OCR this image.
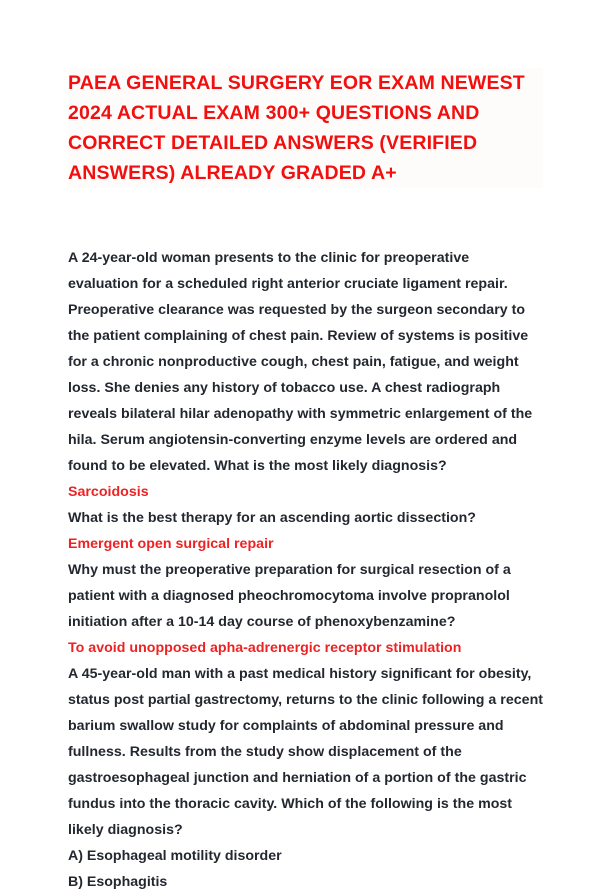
PAEA GENERAL SURGERY EOR EXAM NEWEST 2024 ACTUAL EXAM 300+ QUESTIONS AND CORRECT DETAILED ANSWERS (VERIFIED ANSWERS) ALREADY GRADED A+

A 24-year-old woman presents to the clinic for preoperative evaluation for a scheduled right anterior cruciate ligament repair. Preoperative clearance was requested by the surgeon secondary to the patient complaining of chest pain. Review of systems is positive for a chronic nonproductive cough, chest pain, fatigue, and weight loss. She denies any history of tobacco use. A chest radiograph reveals bilateral hilar adenopathy with symmetric enlargement of the hila. Serum angiotensin-converting enzyme levels are ordered and found to be elevated. What is the most likely diagnosis?

Sarcoidosis

What is the best therapy for an ascending aortic dissection?

Emergent open surgical repair

Why must the preoperative preparation for surgical resection of a patient with a diagnosed pheochromocytoma involve propranolol initiation after a 10-14 day course of phenoxybenzamine?

To avoid unopposed apha-adrenergic receptor stimulation

A 45-year-old man with a past medical history significant for obesity, status post partial gastrectomy, returns to the clinic following a recent barium swallow study for complaints of abdominal pressure and fullness. Results from the study show displacement of the gastroesophageal junction and herniation of a portion of the gastric fundus into the thoracic cavity. Which of the following is the most likely diagnosis?

A) Esophageal motility disorder

B) Esophagitis
